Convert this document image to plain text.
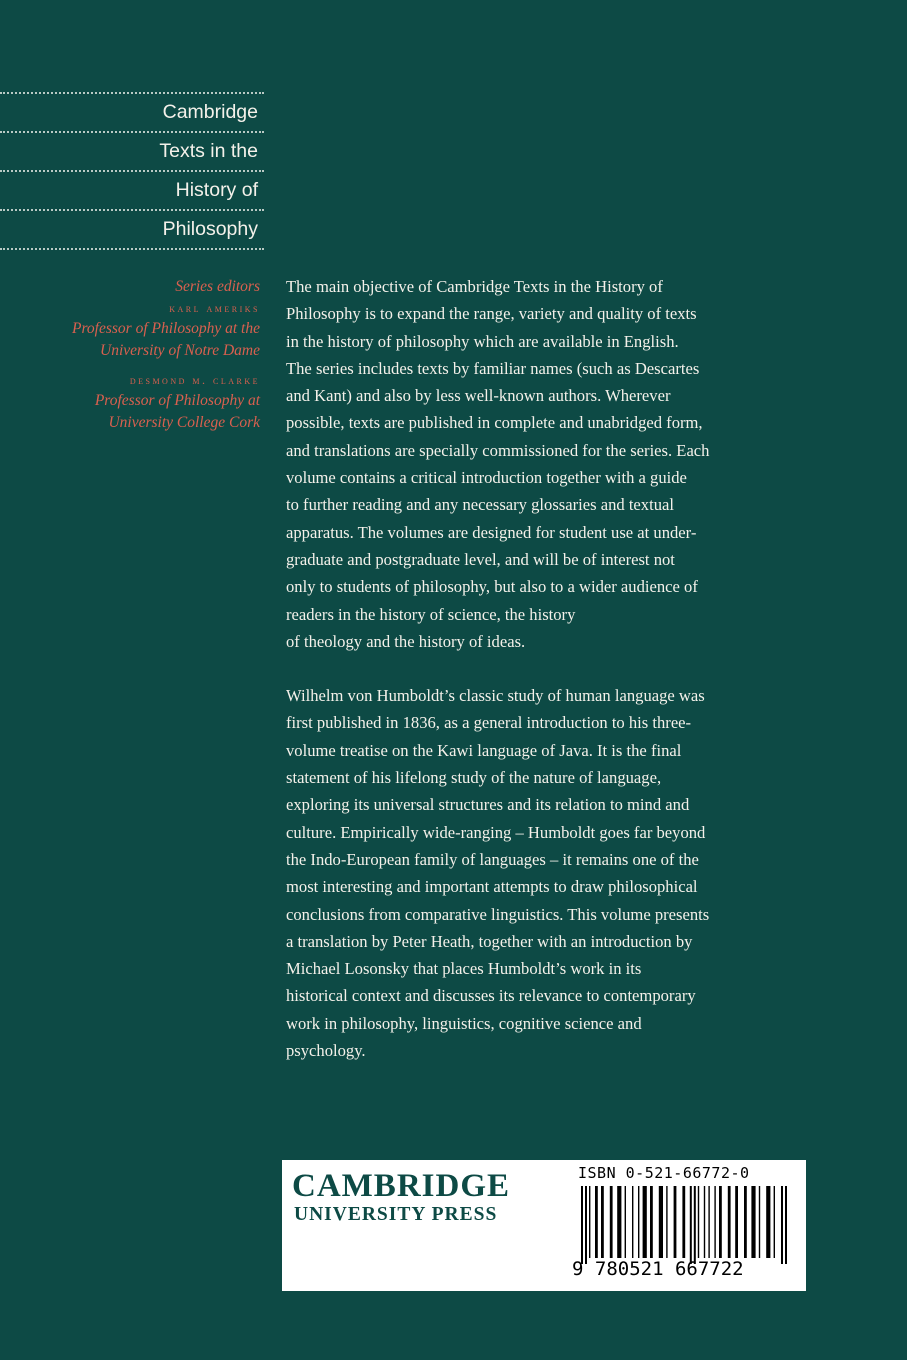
Cambridge
Texts in the
History of
Philosophy
Series editors
karl ameriks
Professor of Philosophy at the
University of Notre Dame
desmond m. clarke
Professor of Philosophy at
University College Cork

The main objective of Cambridge Texts in the History of
Philosophy is to expand the range, variety and quality of texts
in the history of philosophy which are available in English.
The series includes texts by familiar names (such as Descartes
and Kant) and also by less well-known authors. Wherever
possible, texts are published in complete and unabridged form,
and translations are specially commissioned for the series. Each
volume contains a critical introduction together with a guide
to further reading and any necessary glossaries and textual
apparatus. The volumes are designed for student use at under-
graduate and postgraduate level, and will be of interest not
only to students of philosophy, but also to a wider audience of
readers in the history of science, the history
of theology and the history of ideas.

Wilhelm von Humboldt’s classic study of human language was
first published in 1836, as a general introduction to his three-
volume treatise on the Kawi language of Java. It is the final
statement of his lifelong study of the nature of language,
exploring its universal structures and its relation to mind and
culture. Empirically wide-ranging – Humboldt goes far beyond
the Indo-European family of languages – it remains one of the
most interesting and important attempts to draw philosophical
conclusions from comparative linguistics. This volume presents
a translation by Peter Heath, together with an introduction by
Michael Losonsky that places Humboldt’s work in its
historical context and discusses its relevance to contemporary
work in philosophy, linguistics, cognitive science and
psychology.

CAMBRIDGE
UNIVERSITY PRESS
ISBN 0-521-66772-0
9 780521 667722
